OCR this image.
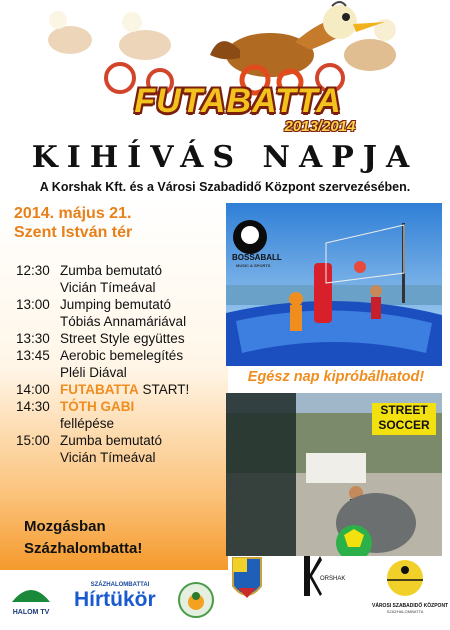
FUTABATTA
2013/2014
KIHÍVÁS NAPJA
A Korshak Kft. és a Városi Szabadidő Központ szervezésében.
2014. május 21.
Szent István tér
12:30 Zumba bemutató
Vicián Tímeával
13:00 Jumping bemutató
Tóbiás Annamáriával
13:30 Street Style együttes
13:45 Aerobic bemelegítés
Pléli Diával
14:00 FUTABATTA START!
14:30 TÓTH GABI
fellépése
15:00 Zumba bemutató
Vicián Tímeával
Mozgásban
Százhalombatta!
BOSSABALL
MUSIC & SPORTS
Egész nap kipróbálhatod!
STREET
SOCCER
HALOM TV
SZÁZHALOMBATTAI
Hírtükör
ORSHAK
VÁROSI SZABADIDŐ KÖZPONT
SZÁZHALOMBATTA
